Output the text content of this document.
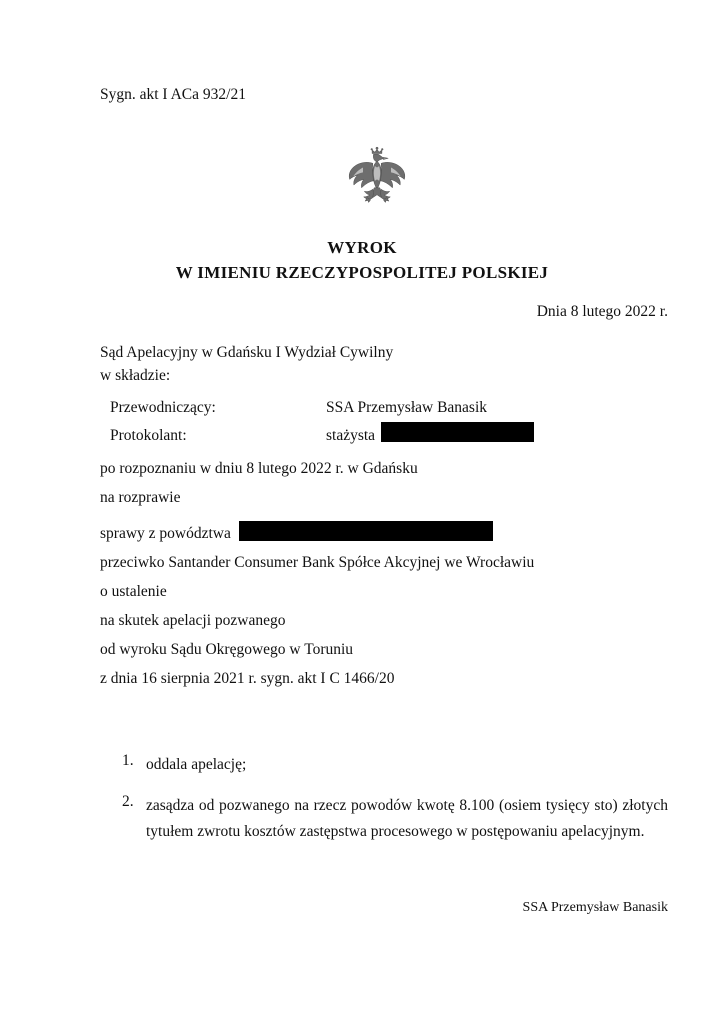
Sygn. akt I ACa 932/21
WYROK
W IMIENIU RZECZYPOSPOLITEJ POLSKIEJ
Dnia 8 lutego 2022 r.
Sąd Apelacyjny w Gdańsku I Wydział Cywilny
w składzie:
Przewodniczący:	SSA Przemysław Banasik
Protokolant:	stażysta
po rozpoznaniu w dniu 8 lutego 2022 r. w Gdańsku
na rozprawie
sprawy z powództwa
przeciwko Santander Consumer Bank Spółce Akcyjnej we Wrocławiu
o ustalenie
na skutek apelacji pozwanego
od wyroku Sądu Okręgowego w Toruniu
z dnia 16 sierpnia 2021 r. sygn. akt I C 1466/20
1. oddala apelację;
2. zasądza od pozwanego na rzecz powodów kwotę 8.100 (osiem tysięcy sto) złotych tytułem zwrotu kosztów zastępstwa procesowego w postępowaniu apelacyjnym.
SSA Przemysław Banasik
